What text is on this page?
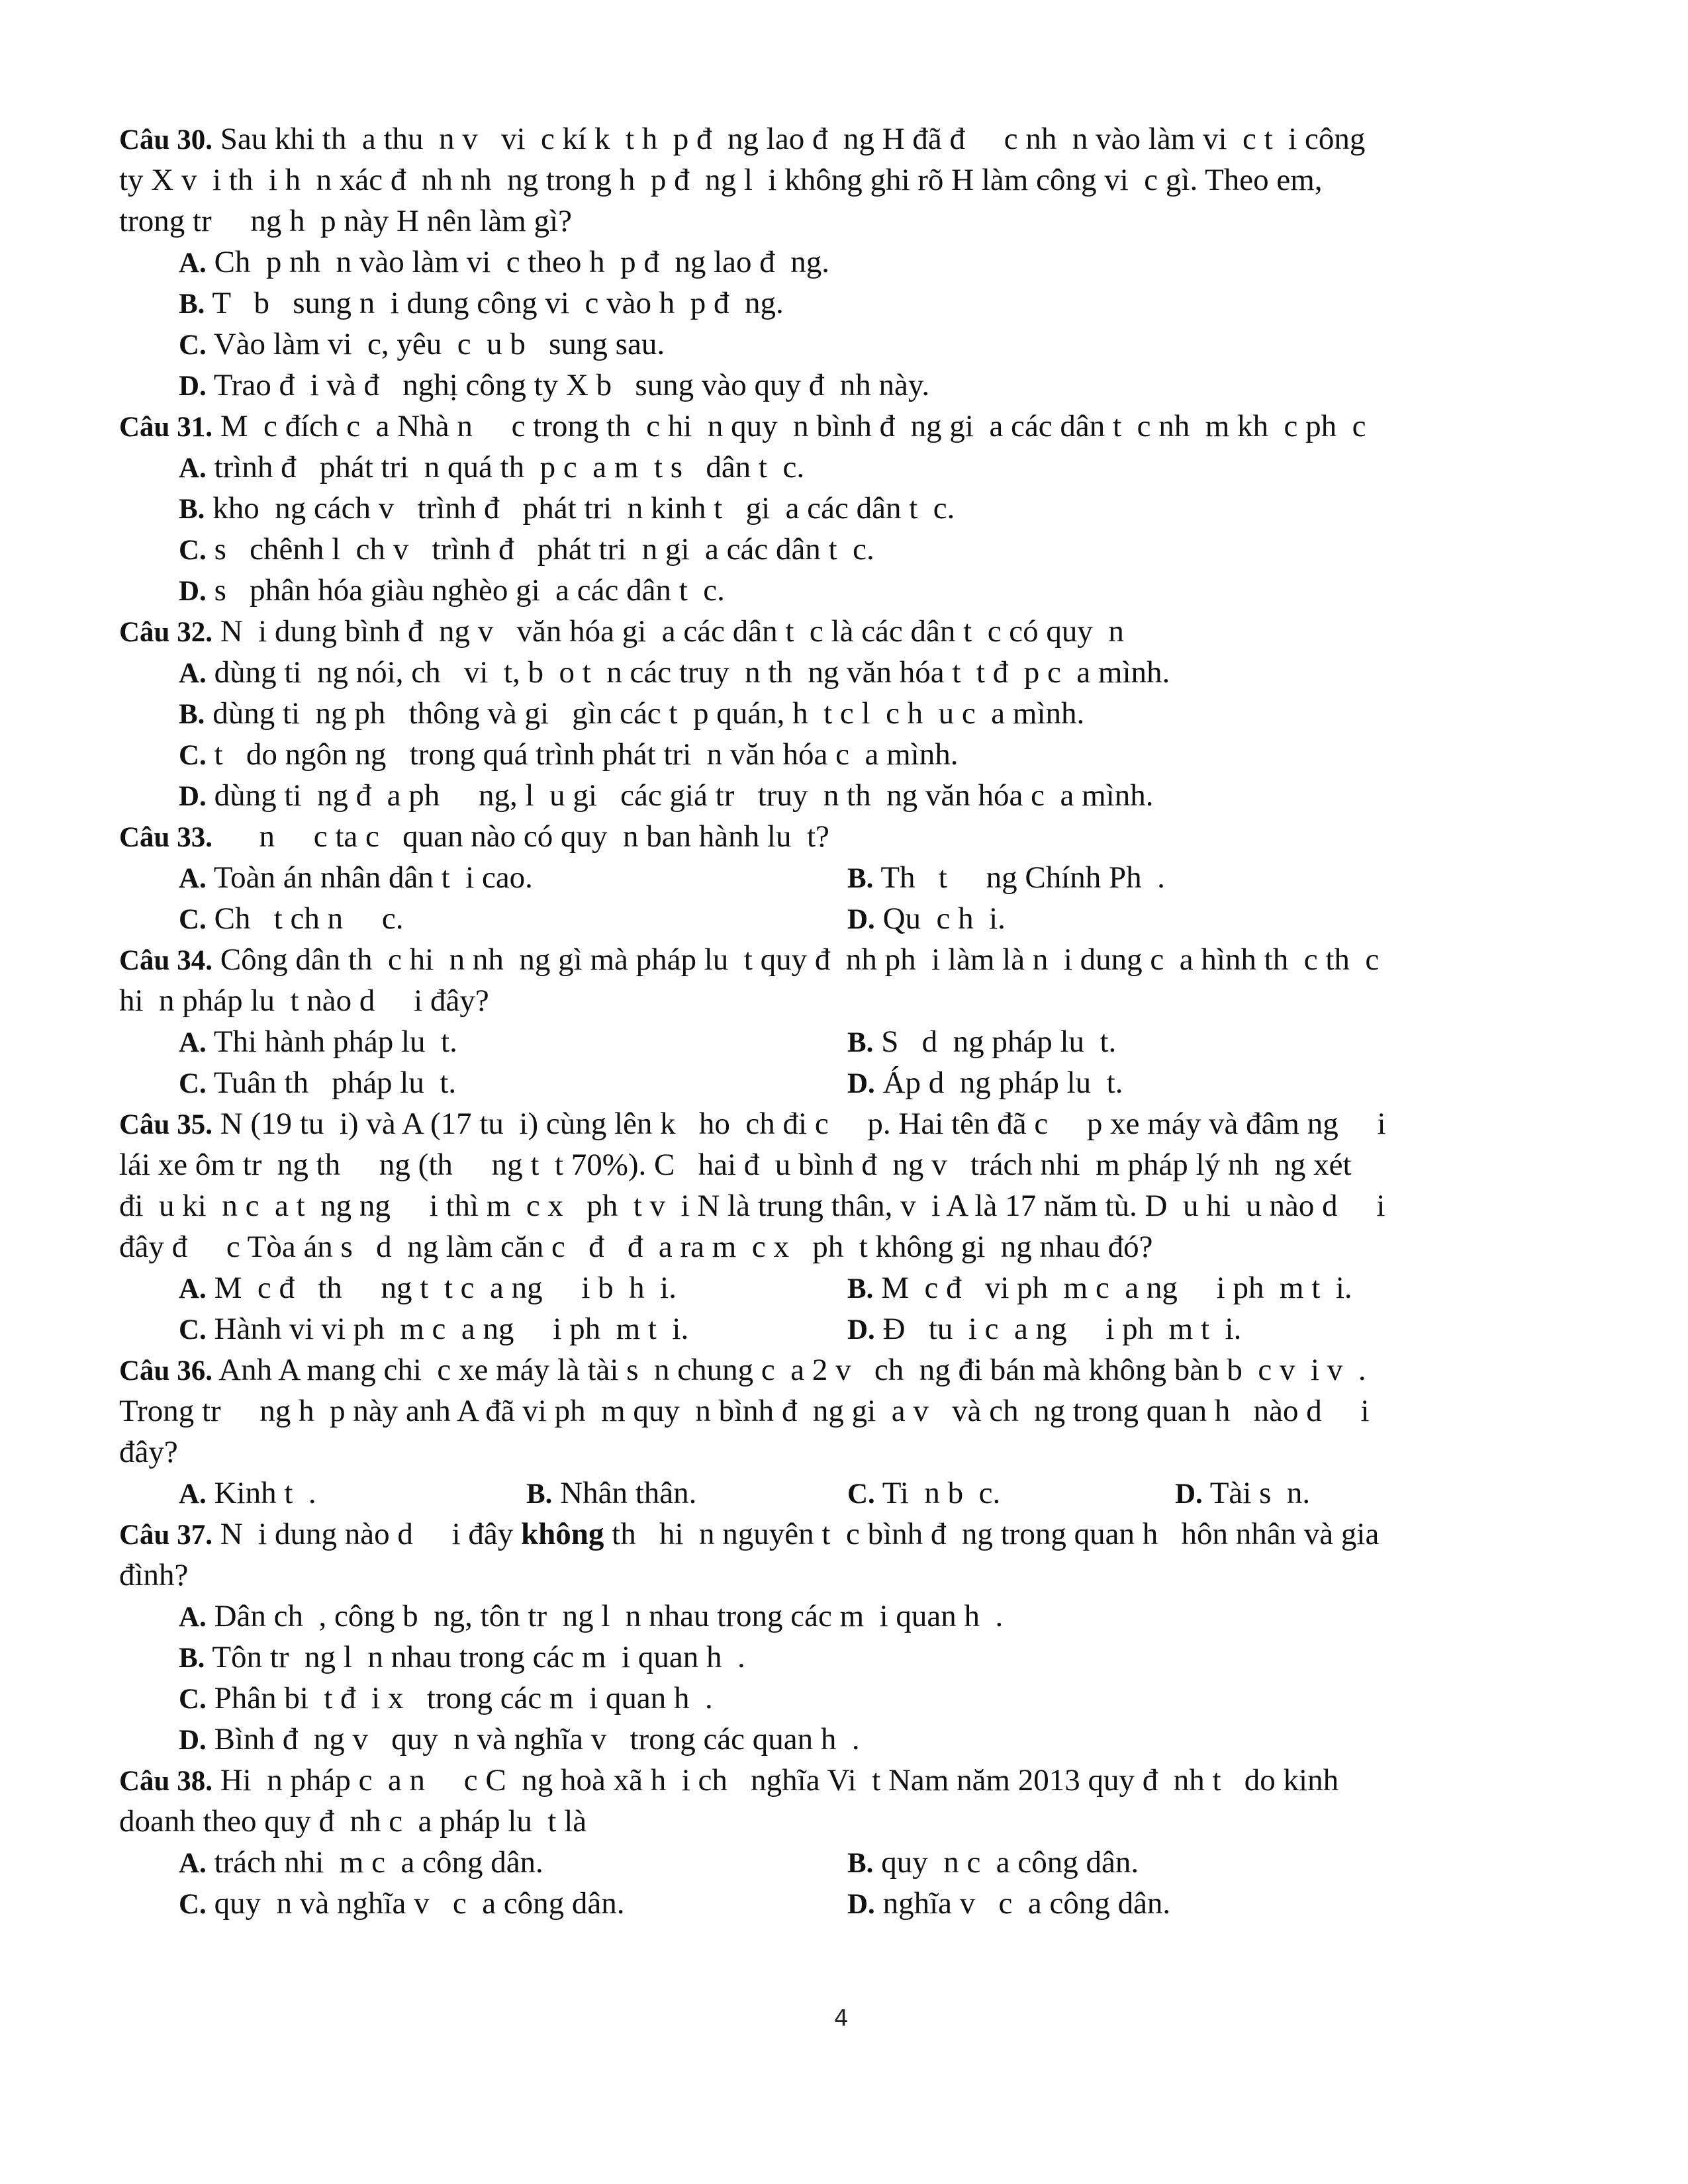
Câu 30. Sau khi th  a thu  n v   vi  c kí k  t h  p đ  ng lao đ  ng H đã đ     c nh  n vào làm vi  c t  i công
ty X v  i th  i h  n xác đ  nh nh  ng trong h  p đ  ng l  i không ghi rõ H làm công vi  c gì. Theo em,
trong tr     ng h  p này H nên làm gì?
A. Ch  p nh  n vào làm vi  c theo h  p đ  ng lao đ  ng.
B. T   b   sung n  i dung công vi  c vào h  p đ  ng.
C. Vào làm vi  c, yêu  c  u b   sung sau.
D. Trao đ  i và đ   nghị công ty X b   sung vào quy đ  nh này.
Câu 31. M  c đích c  a Nhà n     c trong th  c hi  n quy  n bình đ  ng gi  a các dân t  c nh  m kh  c ph  c
A. trình đ   phát tri  n quá th  p c  a m  t s   dân t  c.
B. kho  ng cách v   trình đ   phát tri  n kinh t   gi  a các dân t  c.
C. s   chênh l  ch v   trình đ   phát tri  n gi  a các dân t  c.
D. s   phân hóa giàu nghèo gi  a các dân t  c.
Câu 32. N  i dung bình đ  ng v   văn hóa gi  a các dân t  c là các dân t  c có quy  n
A. dùng ti  ng nói, ch   vi  t, b  o t  n các truy  n th  ng văn hóa t  t đ  p c  a mình.
B. dùng ti  ng ph   thông và gi   gìn các t  p quán, h  t c l  c h  u c  a mình.
C. t   do ngôn ng   trong quá trình phát tri  n văn hóa c  a mình.
D. dùng ti  ng đ  a ph     ng, l  u gi   các giá tr   truy  n th  ng văn hóa c  a mình.
Câu 33.      n     c ta c   quan nào có quy  n ban hành lu  t?
A. Toàn án nhân dân t  i cao.	B. Th   t     ng Chính Ph  .
C. Ch   t ch n     c.	D. Qu  c h  i.
Câu 34. Công dân th  c hi  n nh  ng gì mà pháp lu  t quy đ  nh ph  i làm là n  i dung c  a hình th  c th  c
hi  n pháp lu  t nào d     i đây?
A. Thi hành pháp lu  t.	B. S   d  ng pháp lu  t.
C. Tuân th   pháp lu  t.	D. Áp d  ng pháp lu  t.
Câu 35. N (19 tu  i) và A (17 tu  i) cùng lên k   ho  ch đi c     p. Hai tên đã c     p xe máy và đâm ng     i
lái xe ôm tr  ng th     ng (th     ng t  t 70%). C   hai đ  u bình đ  ng v   trách nhi  m pháp lý nh  ng xét
đi  u ki  n c  a t  ng ng     i thì m  c x   ph  t v  i N là trung thân, v  i A là 17 năm tù. D  u hi  u nào d     i
đây đ     c Tòa án s   d  ng làm căn c   đ   đ  a ra m  c x   ph  t không gi  ng nhau đó?
A. M  c đ   th     ng t  t c  a ng     i b  h  i.	B. M  c đ   vi ph  m c  a ng     i ph  m t  i.
C. Hành vi vi ph  m c  a ng     i ph  m t  i.	D. Đ   tu  i c  a ng     i ph  m t  i.
Câu 36. Anh A mang chi  c xe máy là tài s  n chung c  a 2 v   ch  ng đi bán mà không bàn b  c v  i v  .
Trong tr     ng h  p này anh A đã vi ph  m quy  n bình đ  ng gi  a v   và ch  ng trong quan h   nào d     i
đây?
A. Kinh t  .	B. Nhân thân.	C. Ti  n b  c.	D. Tài s  n.
Câu 37. N  i dung nào d     i đây không th   hi  n nguyên t  c bình đ  ng trong quan h   hôn nhân và gia
đình?
A. Dân ch  , công b  ng, tôn tr  ng l  n nhau trong các m  i quan h  .
B. Tôn tr  ng l  n nhau trong các m  i quan h  .
C. Phân bi  t đ  i x   trong các m  i quan h  .
D. Bình đ  ng v   quy  n và nghĩa v   trong các quan h  .
Câu 38. Hi  n pháp c  a n     c C  ng hoà xã h  i ch   nghĩa Vi  t Nam năm 2013 quy đ  nh t   do kinh
doanh theo quy đ  nh c  a pháp lu  t là
A. trách nhi  m c  a công dân.	B. quy  n c  a công dân.
C. quy  n và nghĩa v   c  a công dân.	D. nghĩa v   c  a công dân.
4
